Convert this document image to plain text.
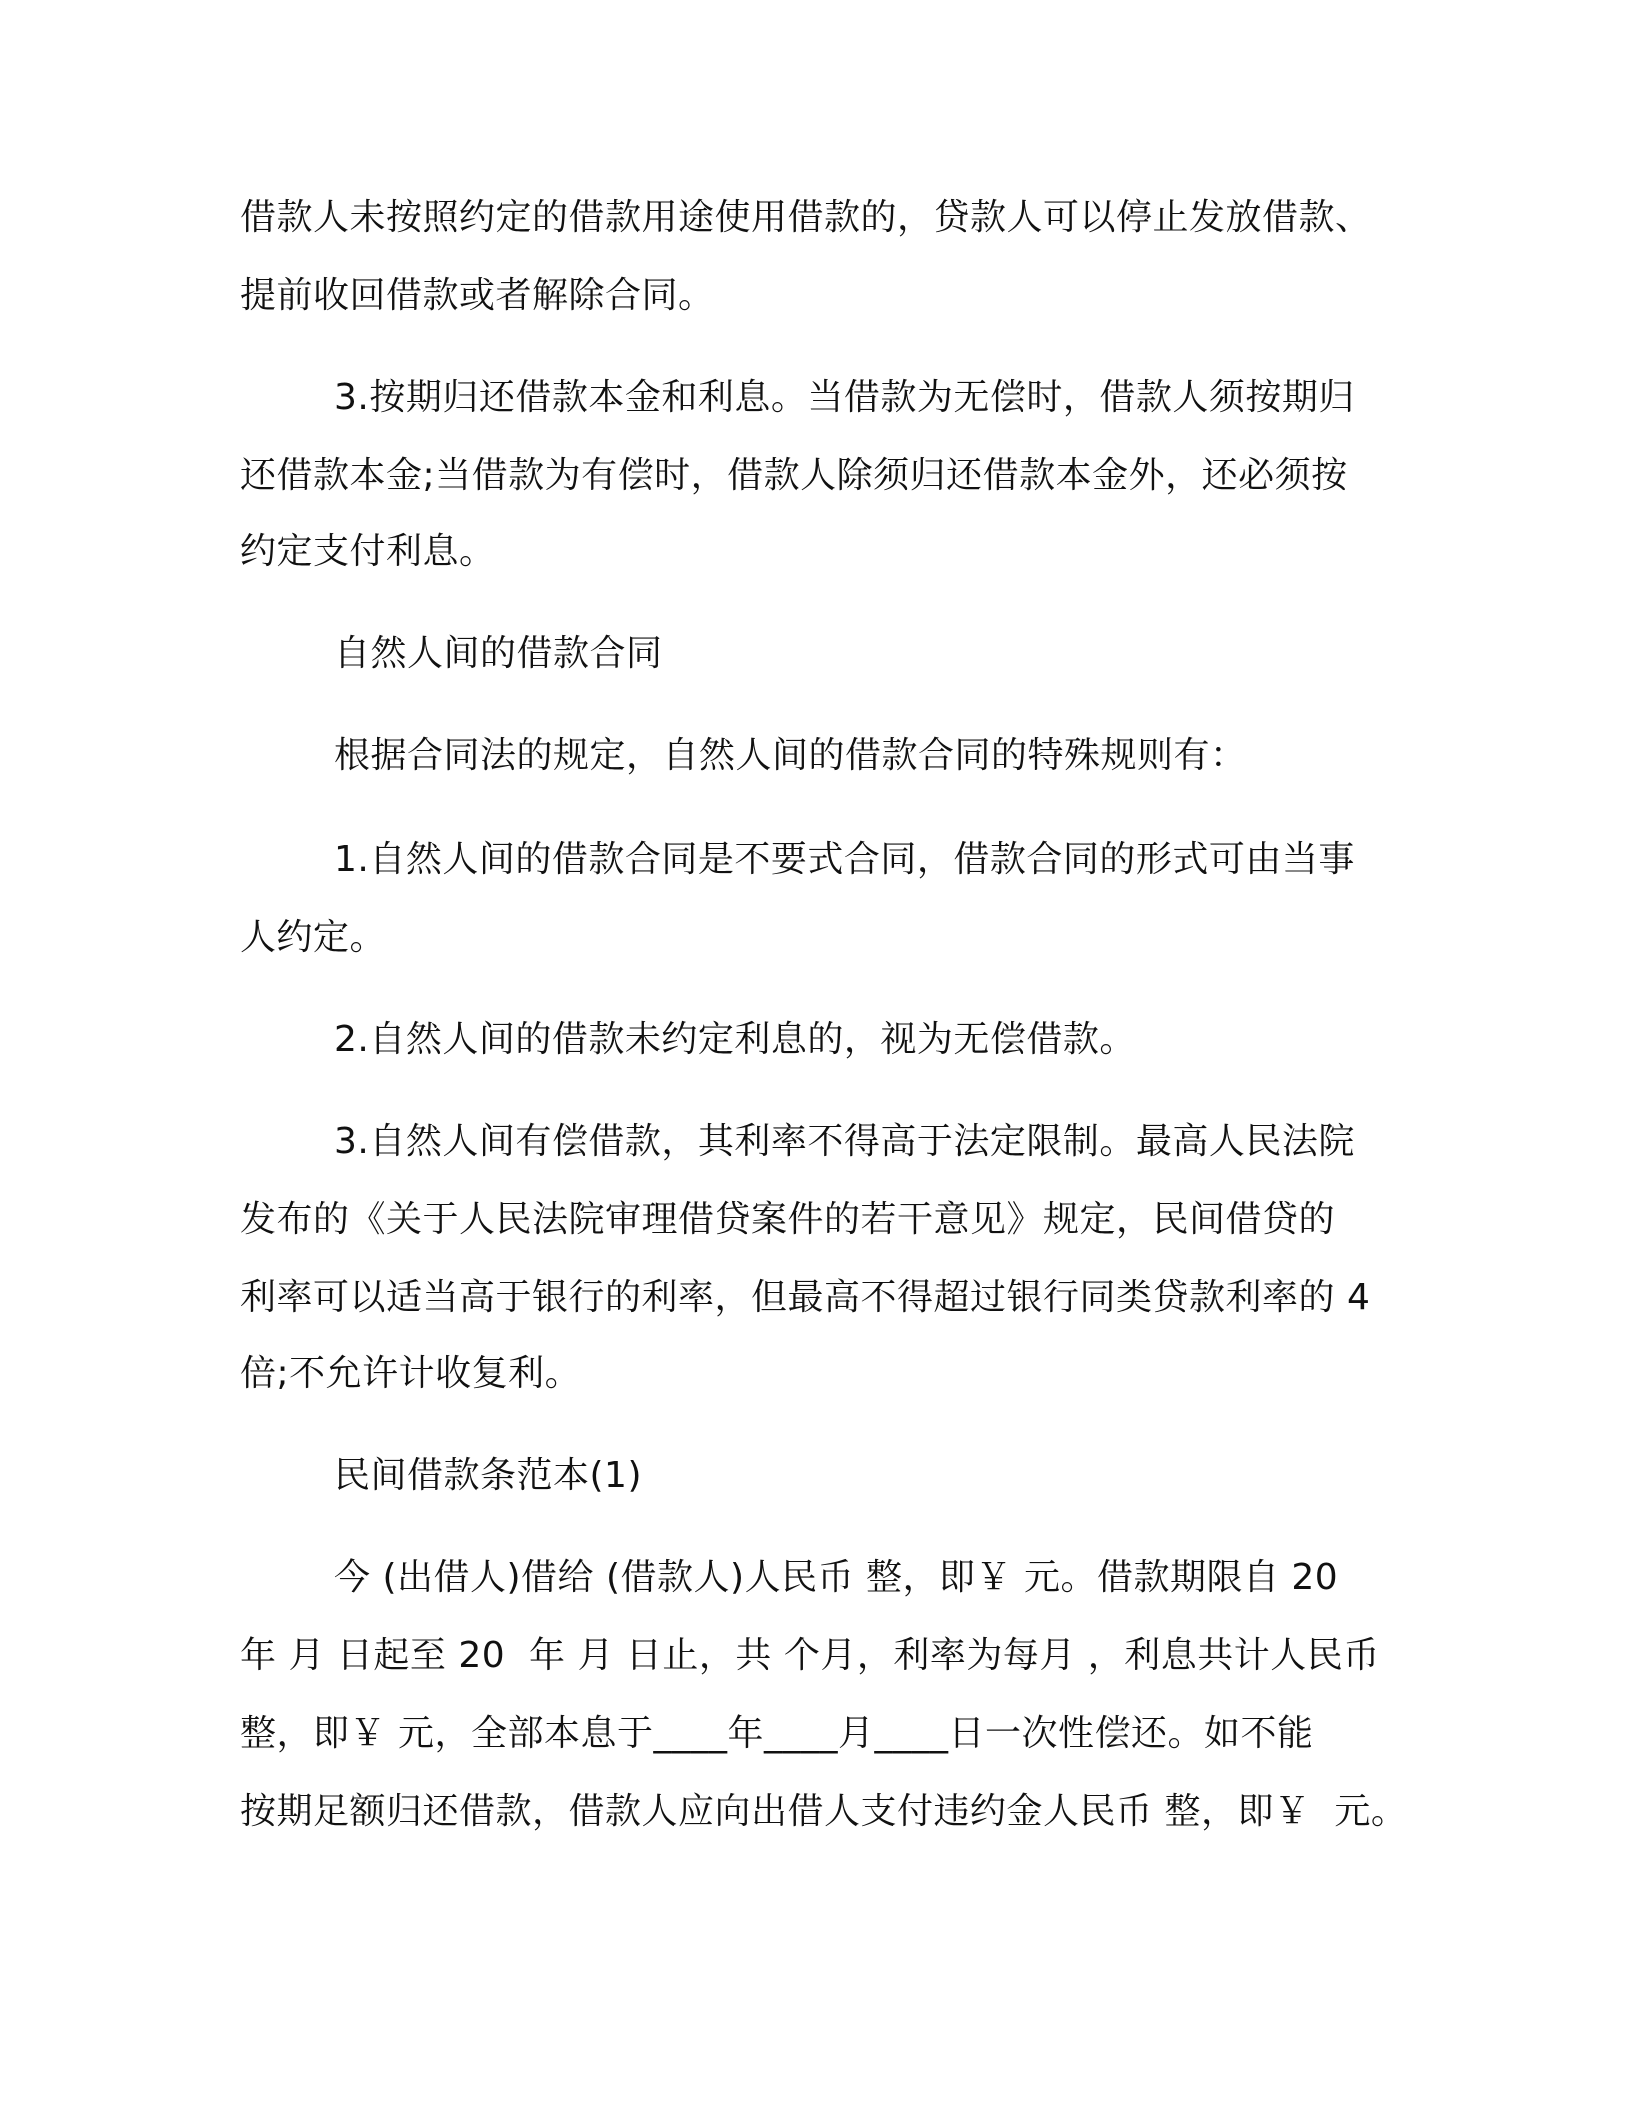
借款人未按照约定的借款用途使用借款的，贷款人可以停止发放借款、
提前收回借款或者解除合同。
3.按期归还借款本金和利息。当借款为无偿时，借款人须按期归
还借款本金;当借款为有偿时，借款人除须归还借款本金外，还必须按
约定支付利息。
自然人间的借款合同
根据合同法的规定，自然人间的借款合同的特殊规则有：
1.自然人间的借款合同是不要式合同，借款合同的形式可由当事
人约定。
2.自然人间的借款未约定利息的，视为无偿借款。
3.自然人间有偿借款，其利率不得高于法定限制。最高人民法院
发布的《关于人民法院审理借贷案件的若干意见》规定，民间借贷的
利率可以适当高于银行的利率，但最高不得超过银行同类贷款利率的 4
倍;不允许计收复利。
民间借款条范本(1)
今 (出借人)借给 (借款人)人民币 整，即￥ 元。借款期限自 20
年 月 日起至 20  年 月 日止，共 个月，利率为每月 ，利息共计人民币
整，即￥ 元，全部本息于____年____月____日一次性偿还。如不能
按期足额归还借款，借款人应向出借人支付违约金人民币 整，即￥  元。
